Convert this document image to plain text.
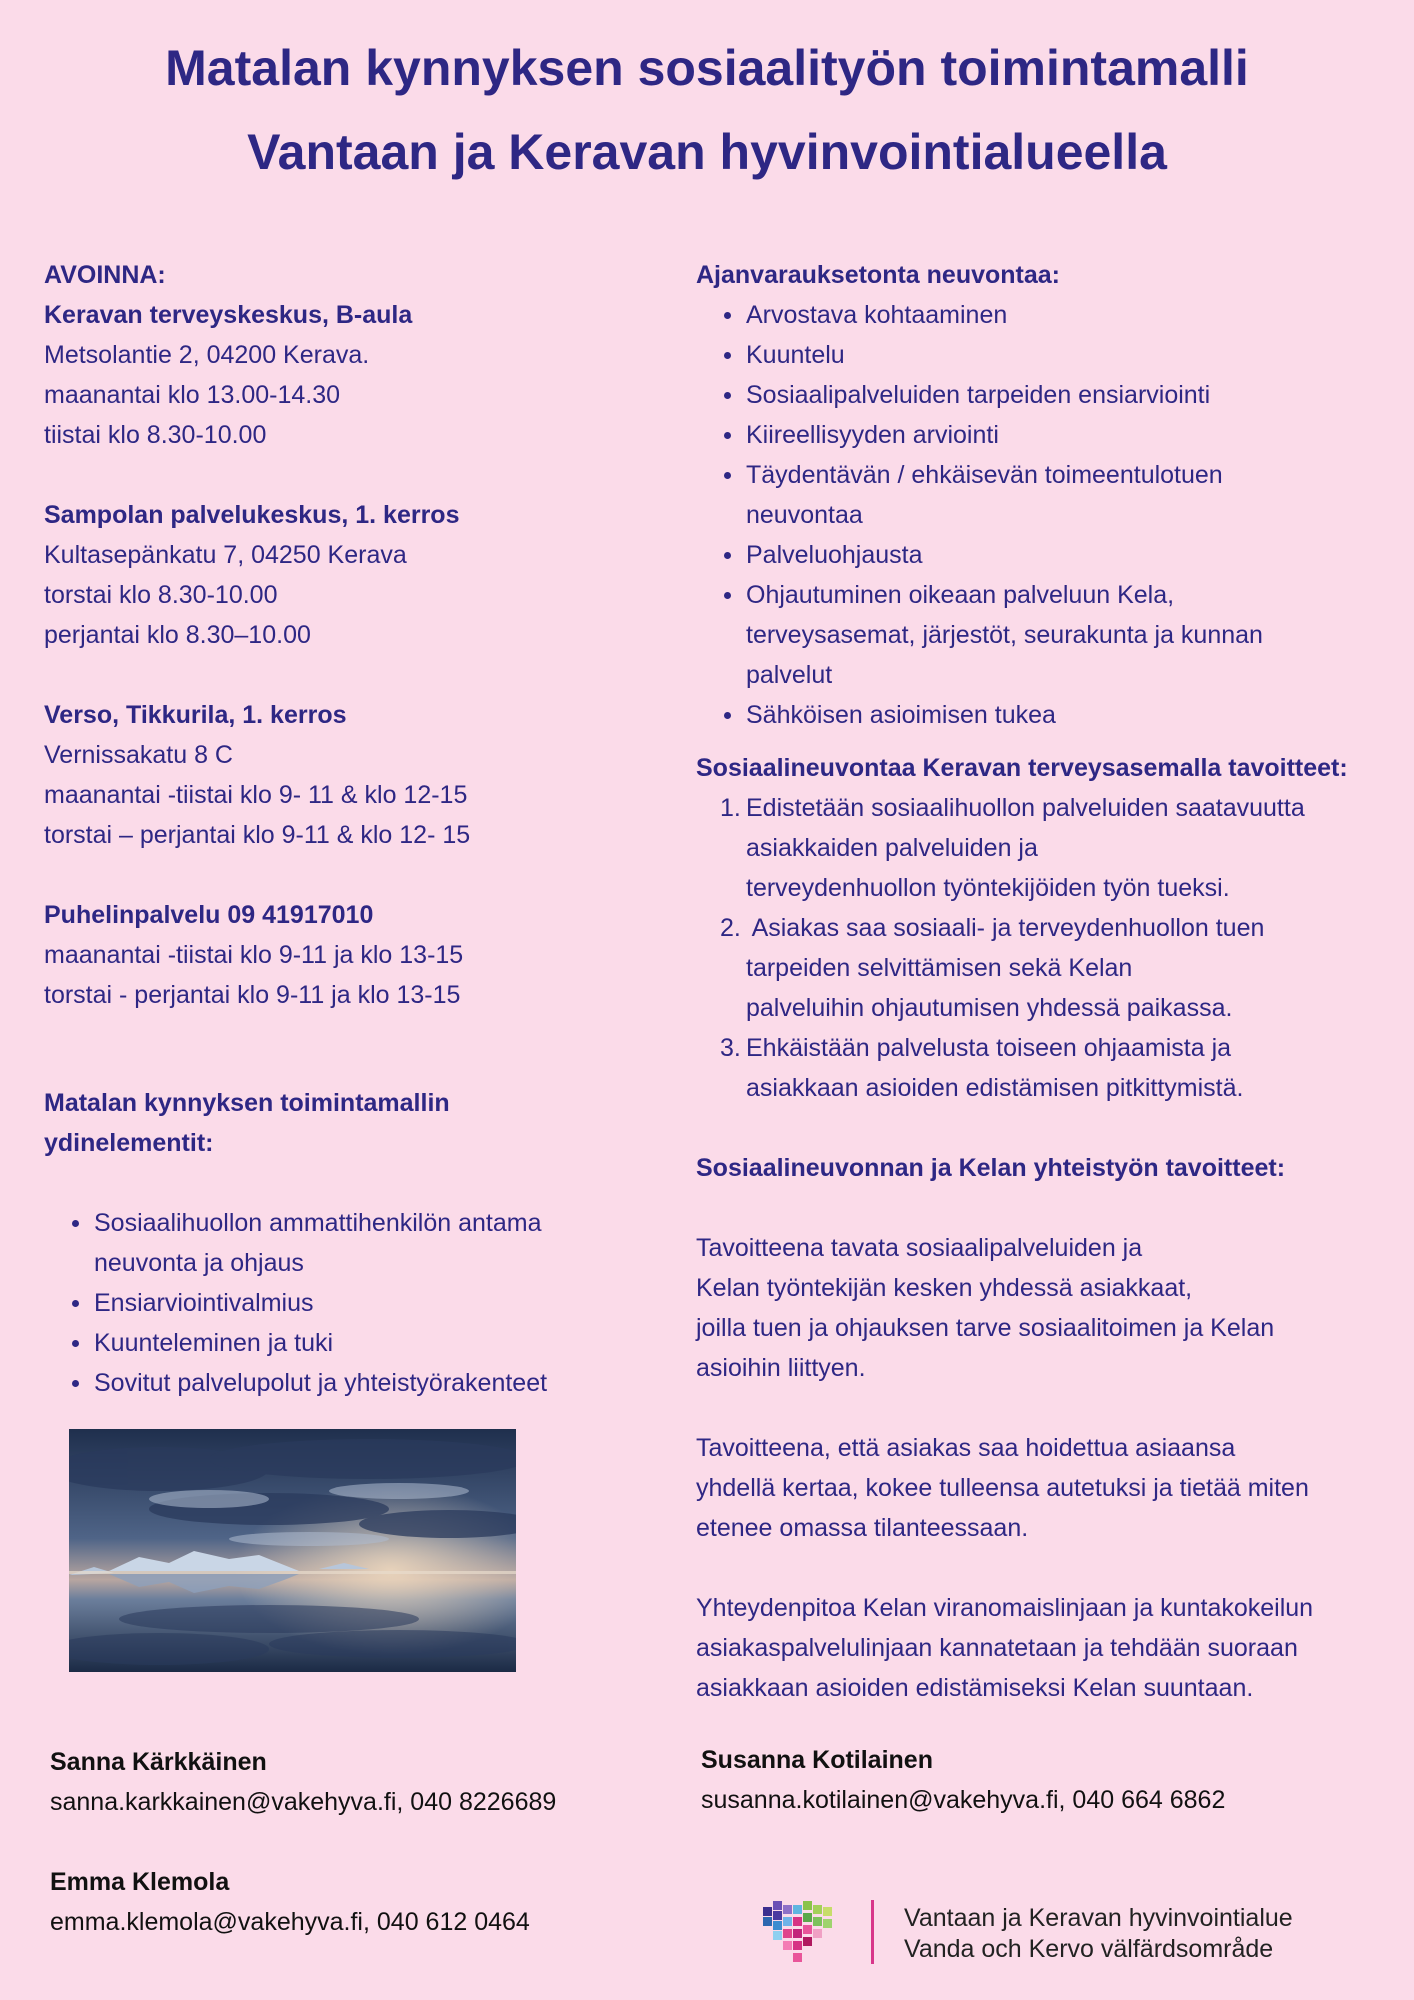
Matalan kynnyksen sosiaalityön toimintamalli
Vantaan ja Keravan hyvinvointialueella
AVOINNA:
Keravan terveyskeskus, B-aula
Metsolantie 2, 04200 Kerava.
maanantai klo 13.00-14.30
tiistai klo 8.30-10.00
Sampolan palvelukeskus, 1. kerros
Kultasepänkatu 7, 04250 Kerava
torstai klo 8.30-10.00
perjantai klo 8.30–10.00
Verso, Tikkurila, 1. kerros
Vernissakatu 8 C
maanantai -tiistai klo 9- 11 & klo 12-15
torstai – perjantai klo 9-11 & klo 12- 15
Puhelinpalvelu 09 41917010
maanantai -tiistai klo 9-11 ja klo 13-15
torstai - perjantai klo 9-11 ja klo 13-15
Matalan kynnyksen toimintamallin
ydinelementit:
Sosiaalihuollon ammattihenkilön antama
neuvonta ja ohjaus
Ensiarviointivalmius
Kuunteleminen ja tuki
Sovitut palvelupolut ja yhteistyörakenteet
Ajanvarauksetonta neuvontaa:
Arvostava kohtaaminen
Kuuntelu
Sosiaalipalveluiden tarpeiden ensiarviointi
Kiireellisyyden arviointi
Täydentävän / ehkäisevän toimeentulotuen
neuvontaa
Palveluohjausta
Ohjautuminen oikeaan palveluun Kela,
terveysasemat, järjestöt, seurakunta ja kunnan
palvelut
Sähköisen asioimisen tukea
Sosiaalineuvontaa Keravan terveysasemalla tavoitteet:
1. Edistetään sosiaalihuollon palveluiden saatavuutta
asiakkaiden palveluiden ja
terveydenhuollon työntekijöiden työn tueksi.
2. Asiakas saa sosiaali- ja terveydenhuollon tuen
tarpeiden selvittämisen sekä Kelan
palveluihin ohjautumisen yhdessä paikassa.
3. Ehkäistään palvelusta toiseen ohjaamista ja
asiakkaan asioiden edistämisen pitkittymistä.
Sosiaalineuvonnan ja Kelan yhteistyön tavoitteet:
Tavoitteena tavata sosiaalipalveluiden ja
Kelan työntekijän kesken yhdessä asiakkaat,
joilla tuen ja ohjauksen tarve sosiaalitoimen ja Kelan
asioihin liittyen.
Tavoitteena, että asiakas saa hoidettua asiaansa
yhdellä kertaa, kokee tulleensa autetuksi ja tietää miten
etenee omassa tilanteessaan.
Yhteydenpitoa Kelan viranomaislinjaan ja kuntakokeilun
asiakaspalvelulinjaan kannatetaan ja tehdään suoraan
asiakkaan asioiden edistämiseksi Kelan suuntaan.
Sanna Kärkkäinen
sanna.karkkainen@vakehyva.fi, 040 8226689
Emma Klemola
emma.klemola@vakehyva.fi, 040 612 0464
Susanna Kotilainen
susanna.kotilainen@vakehyva.fi, 040 664 6862
Vantaan ja Keravan hyvinvointialue
Vanda och Kervo välfärdsområde
